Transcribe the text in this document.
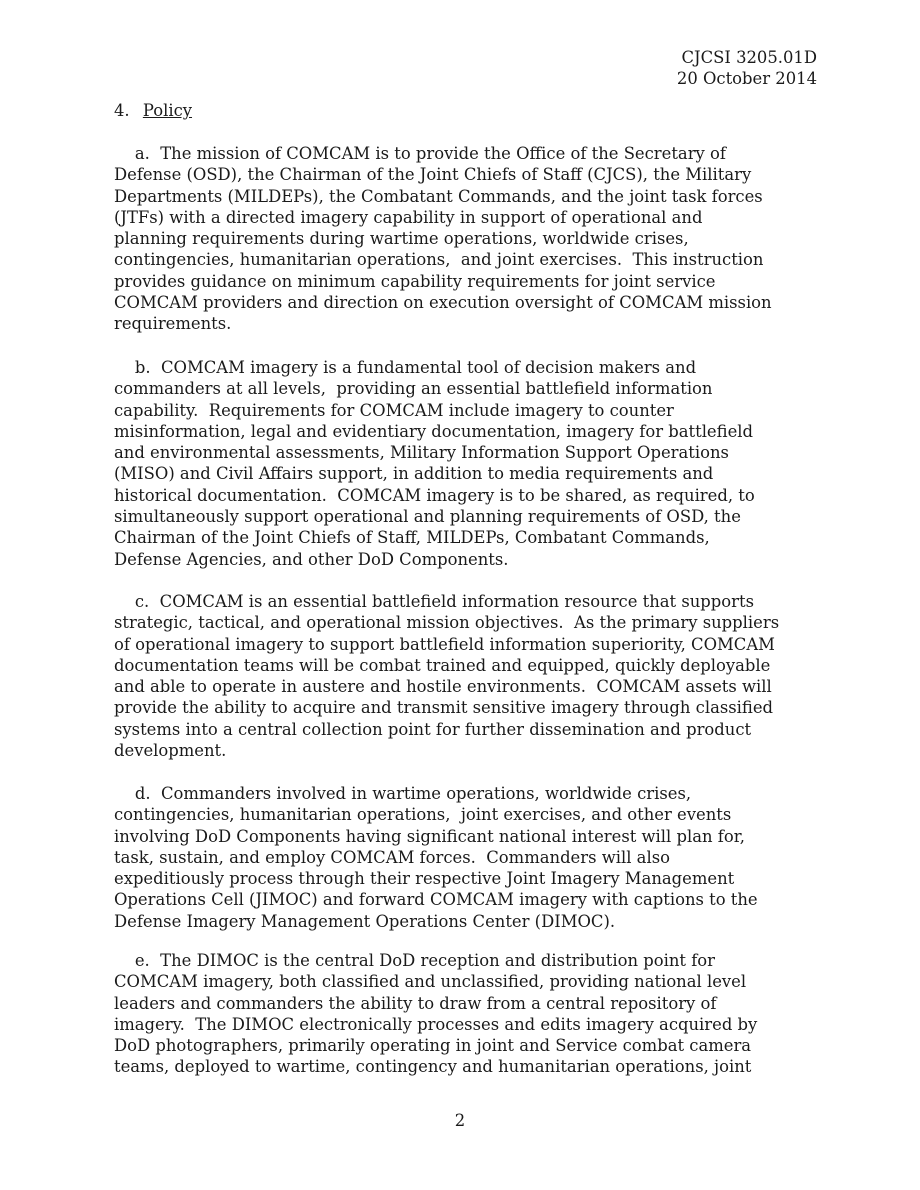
CJCSI 3205.01D
20 October 2014
4. Policy
a.  The mission of COMCAM is to provide the Office of the Secretary of
Defense (OSD), the Chairman of the Joint Chiefs of Staff (CJCS), the Military
Departments (MILDEPs), the Combatant Commands, and the joint task forces
(JTFs) with a directed imagery capability in support of operational and
planning requirements during wartime operations, worldwide crises,
contingencies, humanitarian operations,  and joint exercises.  This instruction
provides guidance on minimum capability requirements for joint service
COMCAM providers and direction on execution oversight of COMCAM mission
requirements.
b.  COMCAM imagery is a fundamental tool of decision makers and
commanders at all levels,  providing an essential battlefield information
capability.  Requirements for COMCAM include imagery to counter
misinformation, legal and evidentiary documentation, imagery for battlefield
and environmental assessments, Military Information Support Operations
(MISO) and Civil Affairs support, in addition to media requirements and
historical documentation.  COMCAM imagery is to be shared, as required, to
simultaneously support operational and planning requirements of OSD, the
Chairman of the Joint Chiefs of Staff, MILDEPs, Combatant Commands,
Defense Agencies, and other DoD Components.
c.  COMCAM is an essential battlefield information resource that supports
strategic, tactical, and operational mission objectives.  As the primary suppliers
of operational imagery to support battlefield information superiority, COMCAM
documentation teams will be combat trained and equipped, quickly deployable
and able to operate in austere and hostile environments.  COMCAM assets will
provide the ability to acquire and transmit sensitive imagery through classified
systems into a central collection point for further dissemination and product
development.
d.  Commanders involved in wartime operations, worldwide crises,
contingencies, humanitarian operations,  joint exercises, and other events
involving DoD Components having significant national interest will plan for,
task, sustain, and employ COMCAM forces.  Commanders will also
expeditiously process through their respective Joint Imagery Management
Operations Cell (JIMOC) and forward COMCAM imagery with captions to the
Defense Imagery Management Operations Center (DIMOC).
e.  The DIMOC is the central DoD reception and distribution point for
COMCAM imagery, both classified and unclassified, providing national level
leaders and commanders the ability to draw from a central repository of
imagery.  The DIMOC electronically processes and edits imagery acquired by
DoD photographers, primarily operating in joint and Service combat camera
teams, deployed to wartime, contingency and humanitarian operations, joint
2
